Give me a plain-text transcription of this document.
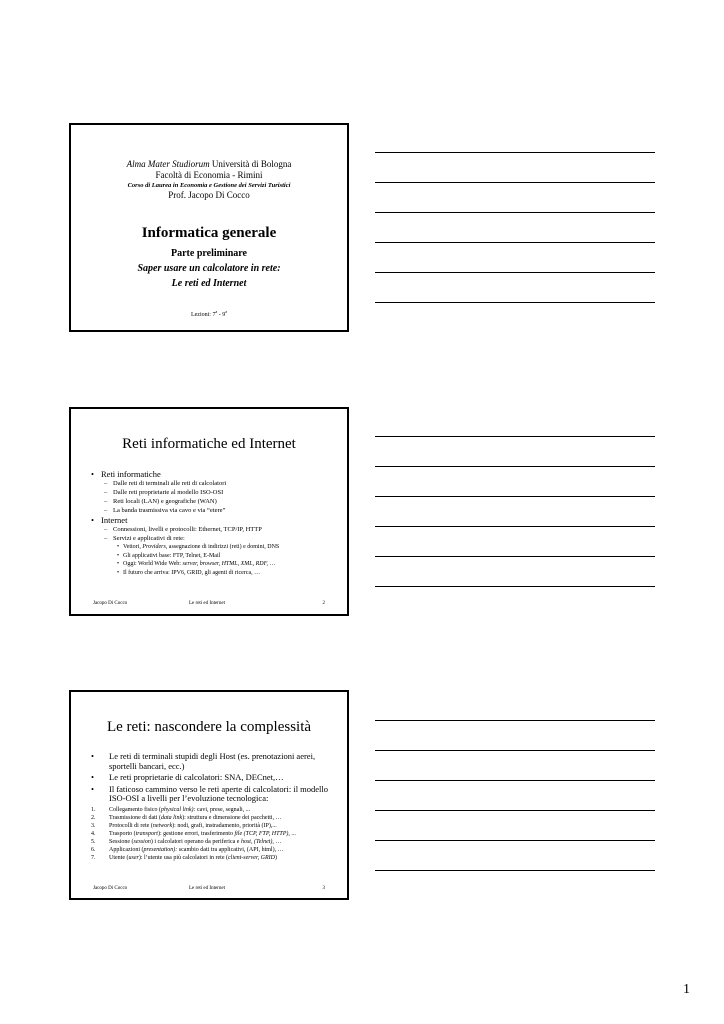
Alma Mater Studiorum Università di Bologna
Facoltà di Economia - Rimini
Corso di Laurea in Economia e Gestione dei Servizi Turistici
Prof. Jacopo Di Cocco
Informatica generale
Parte preliminare
Saper usare un calcolatore in rete:
Le reti ed Internet
Lezioni: 7$^a$ - 9$^a$
Reti informatiche ed Internet
• Reti informatiche
– Dalle reti di terminali alle reti di calcolatori
– Dalle reti proprietarie al modello ISO-OSI
– Reti locali (LAN) e geografiche (WAN)
– La banda trasmissiva via cavo e via “etere”
• Internet
– Connessioni, livelli e protocolli: Ethernet, TCP/IP, HTTP
– Servizi e applicativi di rete:
• Vettori, Providers, assegnazione di indirizzi (reti) e domini, DNS
• Gli applicativi base: FTP, Telnet, E-Mail
• Oggi: World Wide Web: server, browser, HTML, XML, RDF, …
• Il futuro che arriva: IPV6, GRID, gli agenti di ricerca, …
Jacopo Di Cocco	Le reti ed Internet	2
Le reti: nascondere la complessità
• Le reti di terminali stupidi degli Host (es. prenotazioni aerei, sportelli bancari, ecc.)
• Le reti proprietarie di calcolatori: SNA, DECnet,…
• Il faticoso cammino verso le reti aperte di calcolatori: il modello ISO-OSI a livelli per l’evoluzione tecnologica:
1. Collegamento fisico (physical link): cavi, prese, segnali, ...
2. Trasmissione di dati (data link): struttura e dimensione dei pacchetti, …
3. Protocolli di rete (network): nodi, grafi, instradamento, priorità (IP),...
4. Trasporto (transport): gestione errori, trasferimento file (TCP, FTP, HTTP), ...
5. Sessione (session) i calcolatori operano da periferica e host, (Telnet), …
6. Applicazioni (presentation): scambio dati tra applicativi, (API, html), …
7. Utente (user): l’utente usa più calcolatori in rete (client-server, GRID)
Jacopo Di Cocco	Le reti ed Internet	3
1
